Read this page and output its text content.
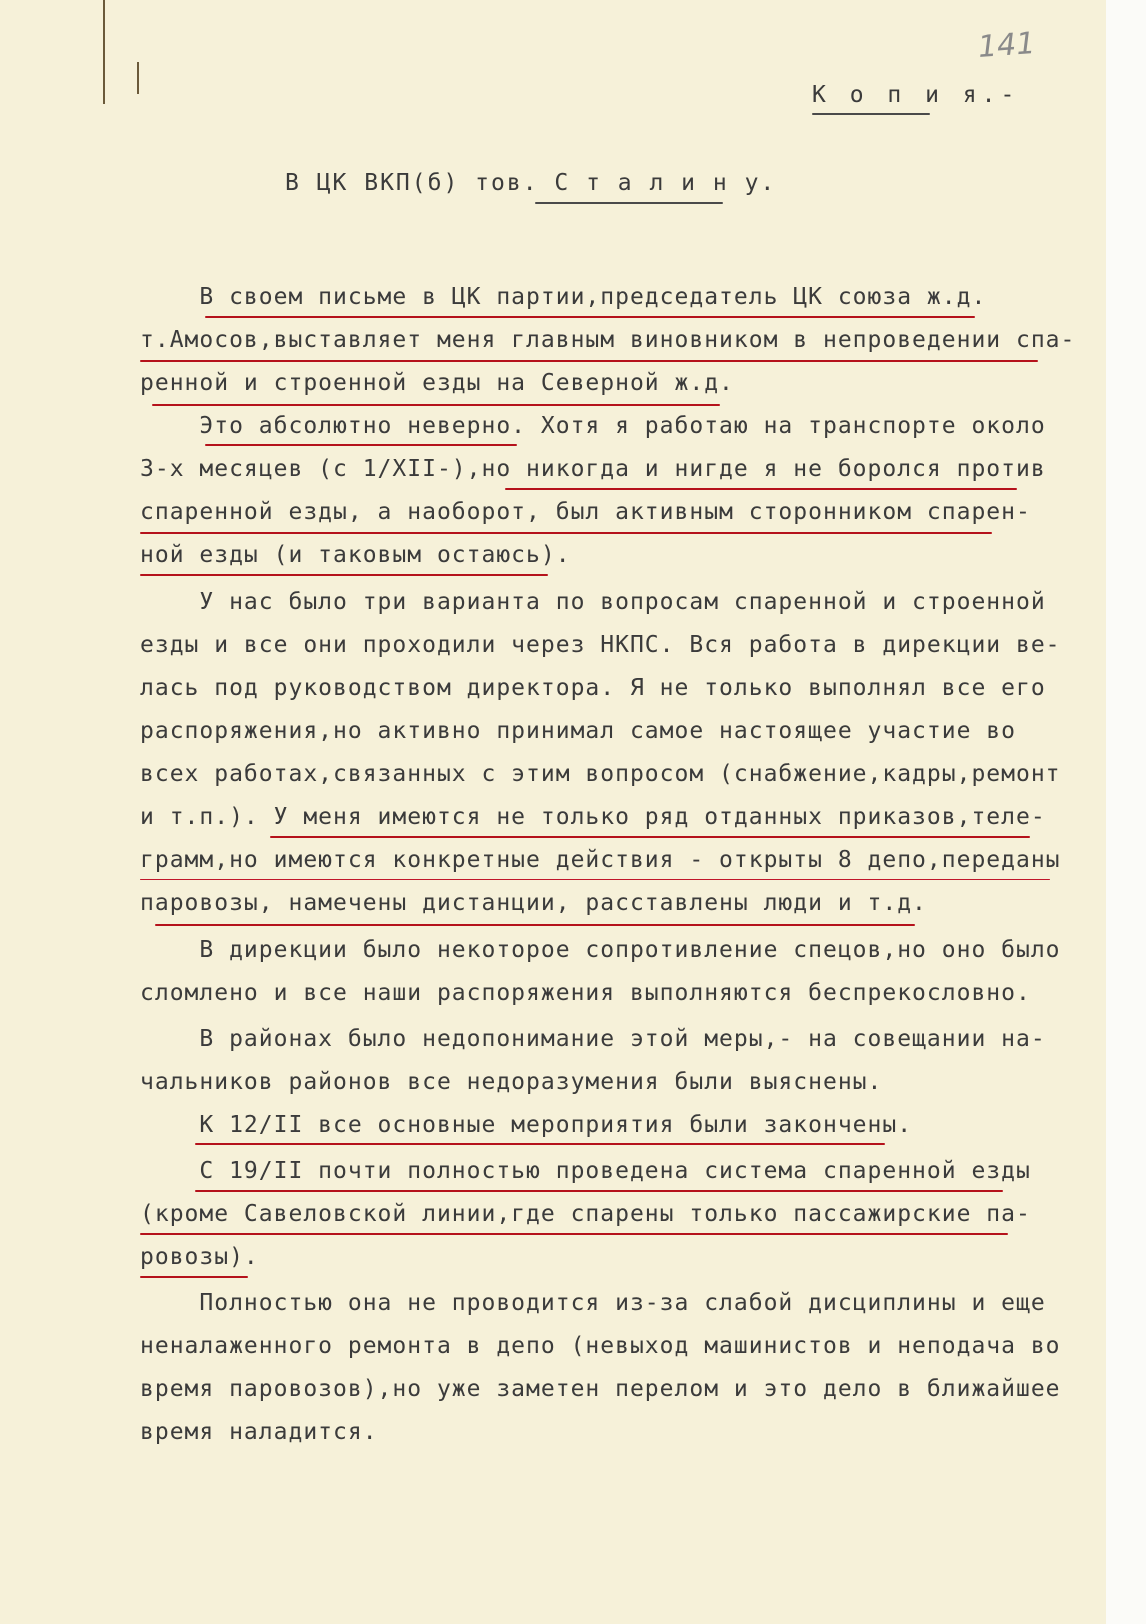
141
К о п и я.-
В ЦК ВКП(б) тов. С т а л и н у.
В своем письме в ЦК партии,председатель ЦК союза ж.д.
т.Амосов,выставляет меня главным виновником в непроведении спа-
ренной и строенной езды на Северной ж.д.
Это абсолютно неверно. Хотя я работаю на транспорте около
3-х месяцев (с 1/XII-),но никогда и нигде я не боролся против
спаренной езды, а наоборот, был активным сторонником спарен-
ной езды (и таковым остаюсь).
У нас было три варианта по вопросам спаренной и строенной
езды и все они проходили через НКПС. Вся работа в дирекции ве-
лась под руководством директора. Я не только выполнял все его
распоряжения,но активно принимал самое настоящее участие во
всех работах,связанных с этим вопросом (снабжение,кадры,ремонт
и т.п.). У меня имеются не только ряд отданных приказов,теле-
грамм,но имеются конкретные действия - открыты 8 депо,переданы
паровозы, намечены дистанции, расставлены люди и т.д.
В дирекции было некоторое сопротивление спецов,но оно было
сломлено и все наши распоряжения выполняются беспрекословно.
В районах было недопонимание этой меры,- на совещании на-
чальников районов все недоразумения были выяснены.
К 12/II все основные мероприятия были закончены.
С 19/II почти полностью проведена система спаренной езды
(кроме Савеловской линии,где спарены только пассажирские па-
ровозы).
Полностью она не проводится из-за слабой дисциплины и еще
неналаженного ремонта в депо (невыход машинистов и неподача во
время паровозов),но уже заметен перелом и это дело в ближайшее
время наладится.
